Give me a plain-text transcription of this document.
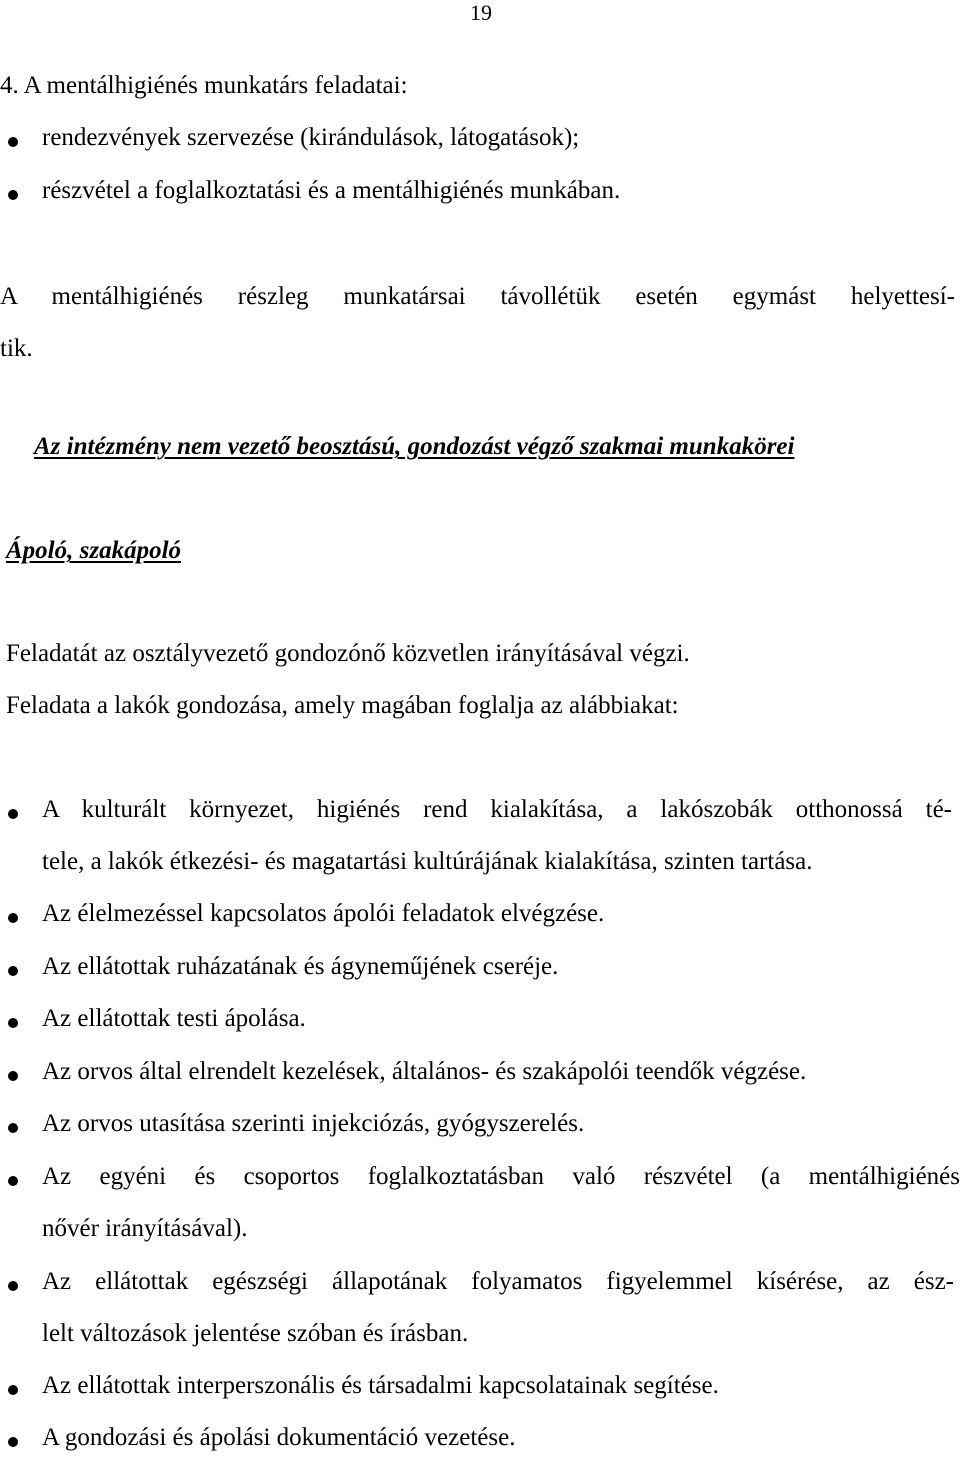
19
4. A mentálhigiénés munkatárs feladatai:
rendezvények szervezése (kirándulások, látogatások);
részvétel a foglalkoztatási és a mentálhigiénés munkában.
A mentálhigiénés részleg munkatársai távollétük esetén egymást helyettesí-
tik.
Az intézmény nem vezető beosztású, gondozást végző szakmai munkakörei
Ápoló, szakápoló
Feladatát az osztályvezető gondozónő közvetlen irányításával végzi.
Feladata a lakók gondozása, amely magában foglalja az alábbiakat:
A kulturált környezet, higiénés rend kialakítása, a lakószobák otthonossá té-
tele, a lakók étkezési- és magatartási kultúrájának kialakítása, szinten tartása.
Az élelmezéssel kapcsolatos ápolói feladatok elvégzése.
Az ellátottak ruházatának és ágyneműjének cseréje.
Az ellátottak testi ápolása.
Az orvos által elrendelt kezelések, általános- és szakápolói teendők végzése.
Az orvos utasítása szerinti injekciózás, gyógyszerelés.
Az egyéni és csoportos foglalkoztatásban való részvétel (a mentálhigiénés
nővér irányításával).
Az ellátottak egészségi állapotának folyamatos figyelemmel kísérése, az ész-
lelt változások jelentése szóban és írásban.
Az ellátottak interperszonális és társadalmi kapcsolatainak segítése.
A gondozási és ápolási dokumentáció vezetése.
